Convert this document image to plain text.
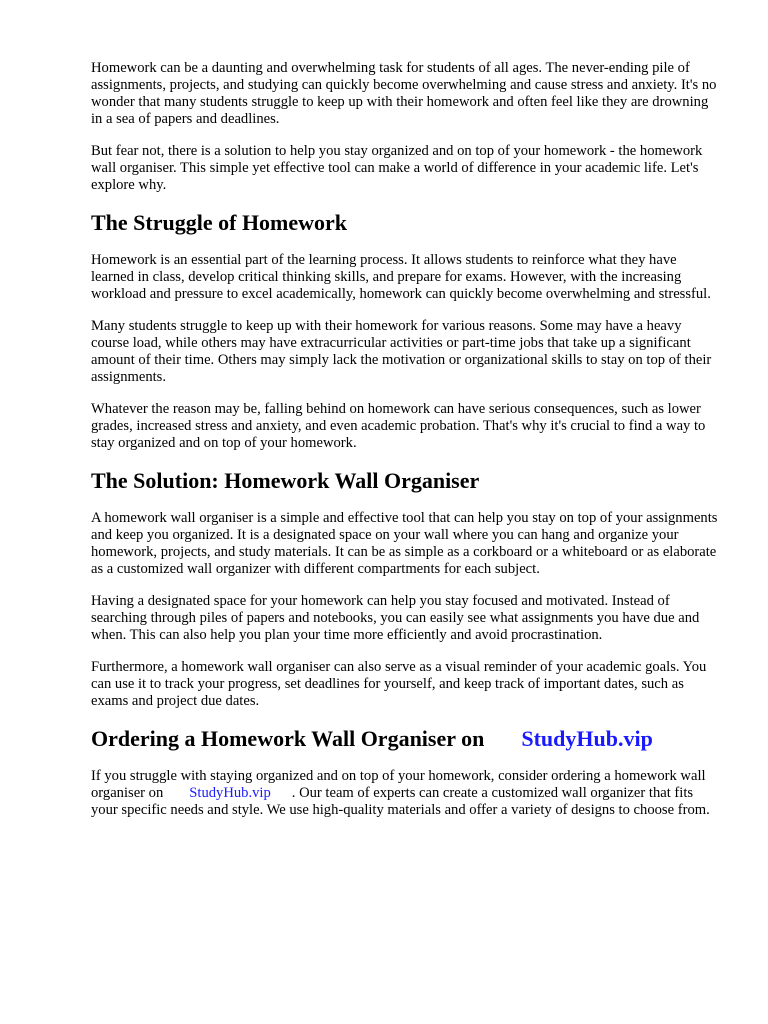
Homework can be a daunting and overwhelming task for students of all ages. The never-ending pile of assignments, projects, and studying can quickly become overwhelming and cause stress and anxiety. It's no wonder that many students struggle to keep up with their homework and often feel like they are drowning in a sea of papers and deadlines.

But fear not, there is a solution to help you stay organized and on top of your homework - the homework wall organiser. This simple yet effective tool can make a world of difference in your academic life. Let's explore why.

The Struggle of Homework

Homework is an essential part of the learning process. It allows students to reinforce what they have learned in class, develop critical thinking skills, and prepare for exams. However, with the increasing workload and pressure to excel academically, homework can quickly become overwhelming and stressful.

Many students struggle to keep up with their homework for various reasons. Some may have a heavy course load, while others may have extracurricular activities or part-time jobs that take up a significant amount of their time. Others may simply lack the motivation or organizational skills to stay on top of their assignments.

Whatever the reason may be, falling behind on homework can have serious consequences, such as lower grades, increased stress and anxiety, and even academic probation. That's why it's crucial to find a way to stay organized and on top of your homework.

The Solution: Homework Wall Organiser

A homework wall organiser is a simple and effective tool that can help you stay on top of your assignments and keep you organized. It is a designated space on your wall where you can hang and organize your homework, projects, and study materials. It can be as simple as a corkboard or a whiteboard or as elaborate as a customized wall organizer with different compartments for each subject.

Having a designated space for your homework can help you stay focused and motivated. Instead of searching through piles of papers and notebooks, you can easily see what assignments you have due and when. This can also help you plan your time more efficiently and avoid procrastination.

Furthermore, a homework wall organiser can also serve as a visual reminder of your academic goals. You can use it to track your progress, set deadlines for yourself, and keep track of important dates, such as exams and project due dates.

Ordering a Homework Wall Organiser on StudyHub.vip

If you struggle with staying organized and on top of your homework, consider ordering a homework wall organiser on StudyHub.vip . Our team of experts can create a customized wall organizer that fits your specific needs and style. We use high-quality materials and offer a variety of designs to choose from.
